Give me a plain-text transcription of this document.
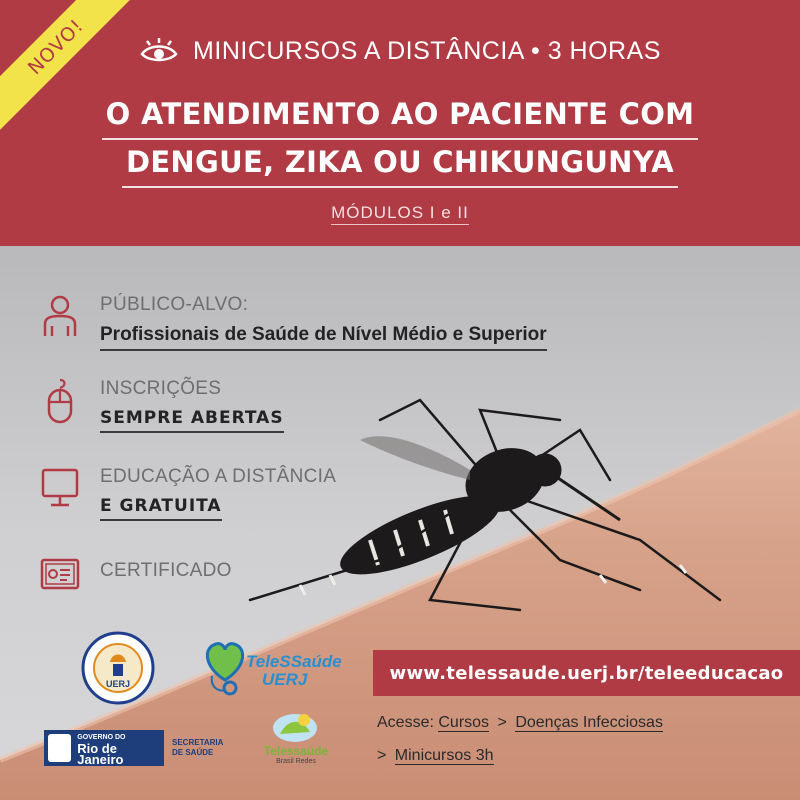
NOVO!	MINICURSOS A DISTÂNCIA • 3 HORAS
O ATENDIMENTO AO PACIENTE COM
DENGUE, ZIKA OU CHIKUNGUNYA
MÓDULOS I e II
PÚBLICO-ALVO:
Profissionais de Saúde de Nível Médio e Superior
INSCRIÇÕES
SEMPRE ABERTAS
EDUCAÇÃO A DISTÂNCIA
E GRATUITA
CERTIFICADO
UERJ
TeleSSaúde
UERJ
GOVERNO DO
Rio de Janeiro
SECRETARIA DE SAÚDE	Telessaúde
Brasil Redes
www.telessaude.uerj.br/teleeducacao
Acesse: Cursos > Doenças Infecciosas
> Minicursos 3h
